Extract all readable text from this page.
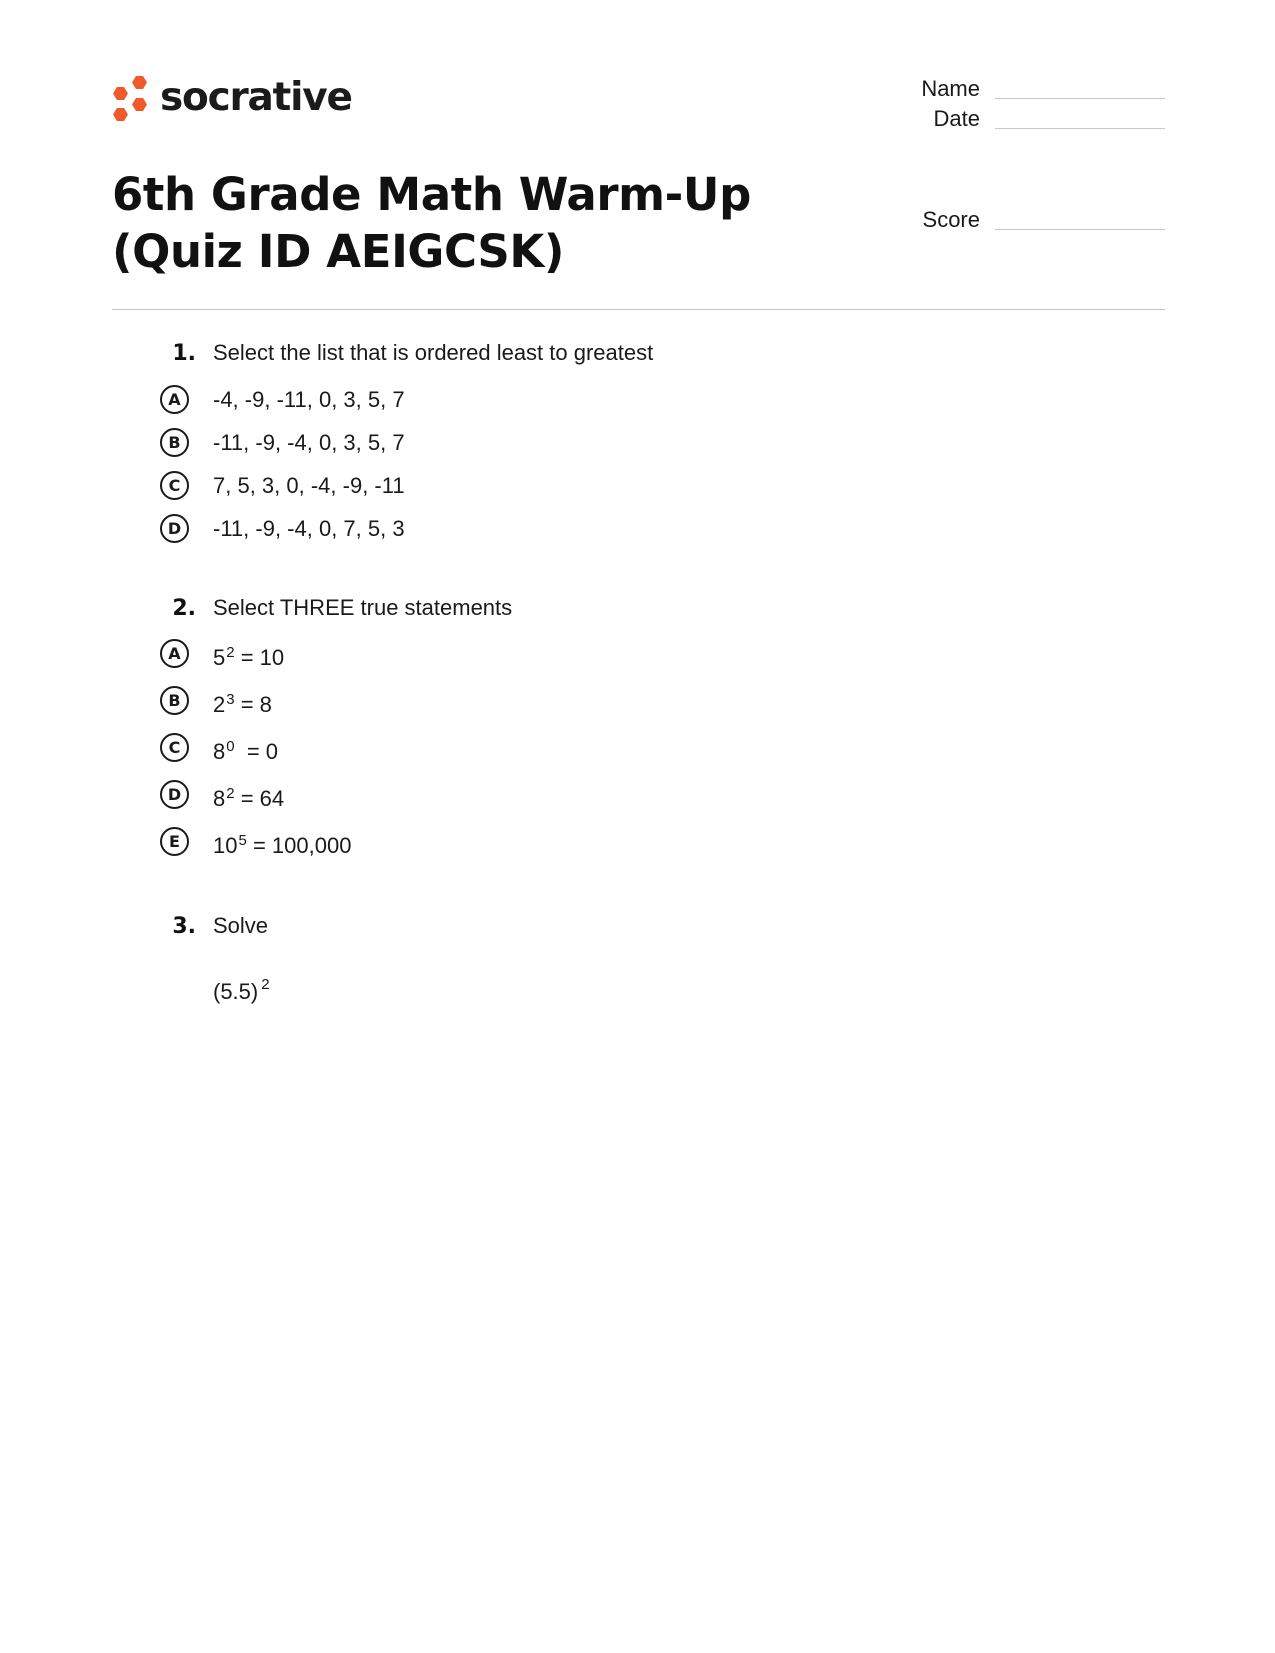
socrative	Name
Date
Score
6th Grade Math Warm-Up (Quiz ID AEIGCSK)
1. Select the list that is ordered least to greatest
A	-4, -9, -11, 0, 3, 5, 7
B	-11, -9, -4, 0, 3, 5, 7
C	7, 5, 3, 0, -4, -9, -11
D	-11, -9, -4, 0, 7, 5, 3
2. Select THREE true statements
A	$5^2 = 10$
B	$2^3 = 8$
C	$8^0 = 0$
D	$8^2 = 64$
E	$10^5 = 100,000$
3. Solve
(5.5) $^2$
